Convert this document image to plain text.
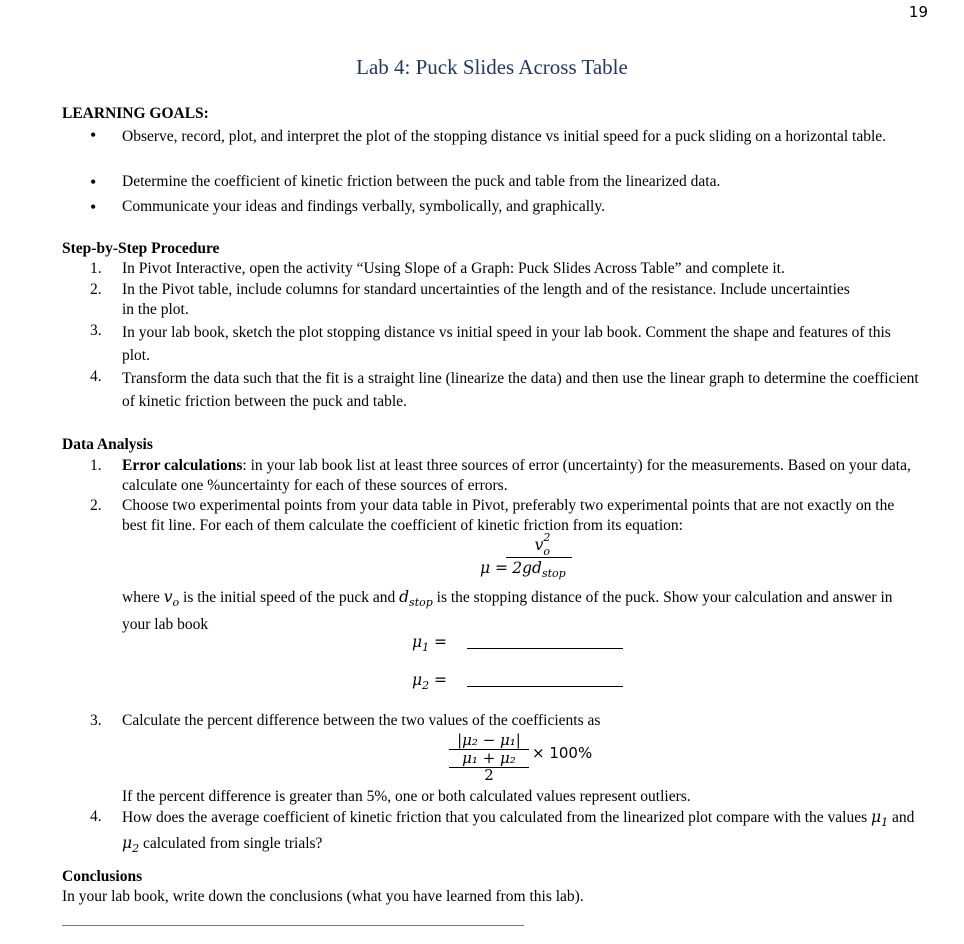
19
Lab 4: Puck Slides Across Table
LEARNING GOALS:
• Observe, record, plot, and interpret the plot of the stopping distance vs initial speed for a puck sliding on a horizontal table.
• Determine the coefficient of kinetic friction between the puck and table from the linearized data.
• Communicate your ideas and findings verbally, symbolically, and graphically.
Step-by-Step Procedure
1.	In Pivot Interactive, open the activity “Using Slope of a Graph: Puck Slides Across Table” and complete it.
2.	In the Pivot table, include columns for standard uncertainties of the length and of the resistance. Include uncertainties in the plot.
3.	In your lab book, sketch the plot stopping distance vs initial speed in your lab book. Comment the shape and features of this plot.
4.	Transform the data such that the fit is a straight line (linearize the data) and then use the linear graph to determine the coefficient of kinetic friction between the puck and table.
Data Analysis
1.	Error calculations: in your lab book list at least three sources of error (uncertainty) for the measurements. Based on your data, calculate one %uncertainty for each of these sources of errors.
2.	Choose two experimental points from your data table in Pivot, preferably two experimental points that are not exactly on the best fit line. For each of them calculate the coefficient of kinetic friction from its equation:
μ =
v 2
o
$2gd_{stop}$
where $v_o$ is the initial speed of the puck and $d_{stop}$ is the stopping distance of the puck. Show your calculation and answer in your lab book
$\mu_1$ =
$\mu_2$ =
3.	Calculate the percent difference between the two values of the coefficients as
|μ₂ − μ₁|
μ₁ + μ₂
2 × 100%
If the percent difference is greater than 5%, one or both calculated values represent outliers.
4.	How does the average coefficient of kinetic friction that you calculated from the linearized plot compare with the values $\mu_1$ and $\mu_2$ calculated from single trials?
Conclusions
In your lab book, write down the conclusions (what you have learned from this lab).
